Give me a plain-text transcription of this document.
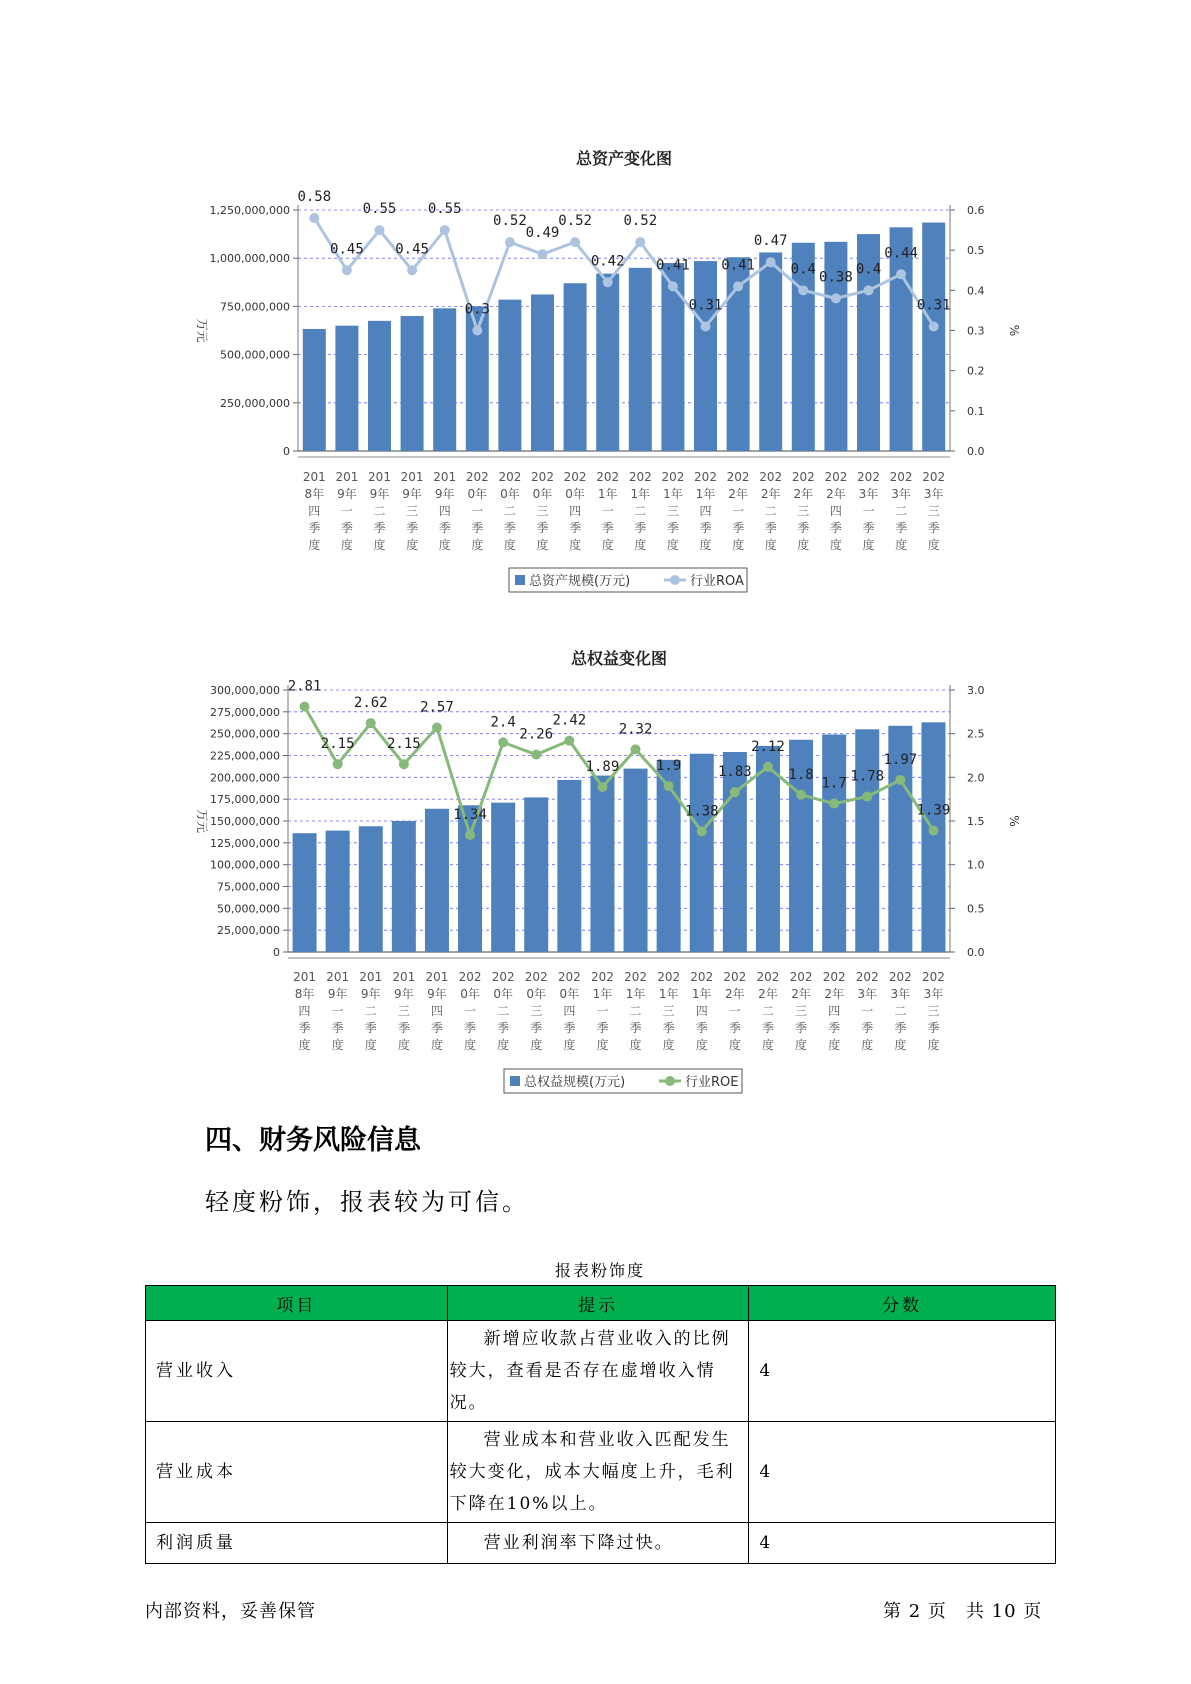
总资产变化图
0
250,000,000
500,000,000
750,000,000
1,000,000,000
1,250,000,000
0.0
0.1
0.2
0.3
0.4
0.5
0.6
万元	%
0.58
0.45
0.55
0.45
0.55
0.3
0.52
0.49
0.52
0.42
0.52
0.41
0.31
0.41
0.47
0.4
0.38
0.4
0.44
0.31
201 8年四季度
201 9年一季度
201 9年二季度
201 9年三季度
201 9年四季度
202 0年一季度
202 0年二季度
202 0年三季度
202 0年四季度
202 1年一季度
202 1年二季度
202 1年三季度
202 1年四季度
202 2年一季度
202 2年二季度
202 2年三季度
202 2年四季度
202 3年一季度
202 3年二季度
202 3年三季度
总资产规模(万元)	行业ROA
总权益变化图
0
25,000,000
50,000,000
75,000,000
100,000,000
125,000,000
150,000,000
175,000,000
200,000,000
225,000,000
250,000,000
275,000,000
300,000,000
0.0
0.5
1.0
1.5
2.0
2.5
3.0
万元	%
2.81
2.15
2.62
2.15
2.57
1.34
2.4
2.26
2.42
1.89
2.32
1.9
1.38
1.83
2.12
1.8
1.7 1.78
1.97
1.39
201 8年四季度
201 9年一季度
201 9年二季度
201 9年三季度
201 9年四季度
202 0年一季度
202 0年二季度
202 0年三季度
202 0年四季度
202 1年一季度
202 1年二季度
202 1年三季度
202 1年四季度
202 2年一季度
202 2年二季度
202 2年三季度
202 2年四季度
202 3年一季度
202 3年二季度
202 3年三季度
总权益规模(万元)	行业ROE
四、财务风险信息

轻度粉饰，报表较为可信。

报表粉饰度
项目	提示	分数
营业收入	新增应收款占营业收入的比例较大，查看是否存在虚增收入情况。	4
营业成本	营业成本和营业收入匹配发生较大变化，成本大幅度上升，毛利下降在10%以上。	4
利润质量	营业利润率下降过快。	4
内部资料，妥善保管	第 2 页　共 10 页
